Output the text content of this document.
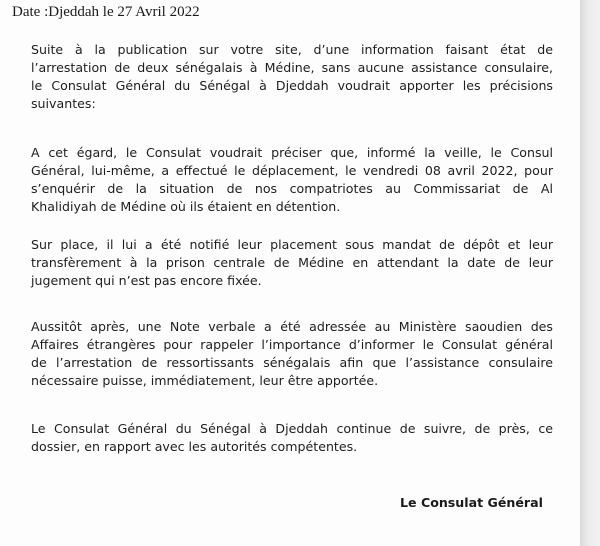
Date :Djeddah le 27 Avril 2022

Suite à la publication sur votre site, d’une information faisant état de
l’arrestation de deux sénégalais à Médine, sans aucune assistance consulaire,
le Consulat Général du Sénégal à Djeddah voudrait apporter les précisions
suivantes:

A cet égard, le Consulat voudrait préciser que, informé la veille, le Consul
Général, lui-même, a effectué le déplacement, le vendredi 08 avril 2022, pour
s’enquérir de la situation de nos compatriotes au Commissariat de Al
Khalidiyah de Médine où ils étaient en détention.

Sur place, il lui a été notifié leur placement sous mandat de dépôt et leur
transfèrement à la prison centrale de Médine en attendant la date de leur
jugement qui n’est pas encore fixée.

Aussitôt après, une Note verbale a été adressée au Ministère saoudien des
Affaires étrangères pour rappeler l’importance d’informer le Consulat général
de l’arrestation de ressortissants sénégalais afin que l’assistance consulaire
nécessaire puisse, immédiatement, leur être apportée.

Le Consulat Général du Sénégal à Djeddah continue de suivre, de près, ce
dossier, en rapport avec les autorités compétentes.

Le Consulat Général
